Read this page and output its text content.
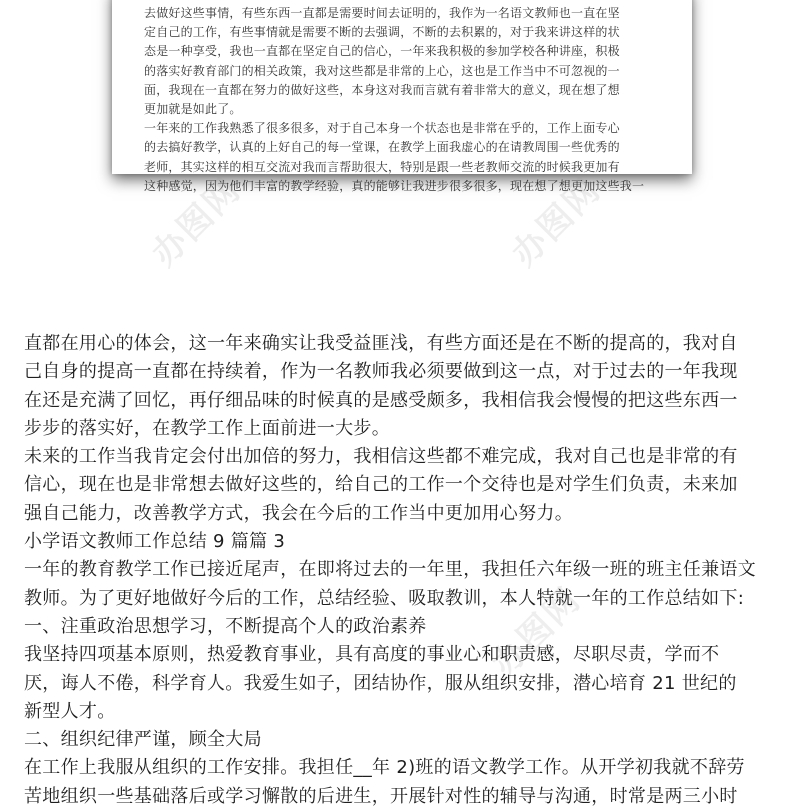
去做好这些事情，有些东西一直都是需要时间去证明的，我作为一名语文教师也一直在坚

定自己的工作，有些事情就是需要不断的去强调，不断的去积累的，对于我来讲这样的状

态是一种享受，我也一直都在坚定自己的信心，一年来我积极的参加学校各种讲座，积极

的落实好教育部门的相关政策，我对这些都是非常的上心，这也是工作当中不可忽视的一

面，我现在一直都在努力的做好这些，本身这对我而言就有着非常大的意义，现在想了想

更加就是如此了。

一年来的工作我熟悉了很多很多，对于自己本身一个状态也是非常在乎的，工作上面专心

的去搞好教学，认真的上好自己的每一堂课，在教学上面我虚心的在请教周围一些优秀的

老师，其实这样的相互交流对我而言帮助很大，特别是跟一些老教师交流的时候我更加有

这种感觉，因为他们丰富的教学经验，真的能够让我进步很多很多，现在想了想更加这些我一

办图网	办图网
办图网

直都在用心的体会，这一年来确实让我受益匪浅，有些方面还是在不断的提高的，我对自

己自身的提高一直都在持续着，作为一名教师我必须要做到这一点，对于过去的一年我现

在还是充满了回忆，再仔细品味的时候真的是感受颇多，我相信我会慢慢的把这些东西一

步步的落实好，在教学工作上面前进一大步。

未来的工作当我肯定会付出加倍的努力，我相信这些都不难完成，我对自己也是非常的有

信心，现在也是非常想去做好这些的，给自己的工作一个交待也是对学生们负责，未来加

强自己能力，改善教学方式，我会在今后的工作当中更加用心努力。

小学语文教师工作总结 9 篇篇 3

一年的教育教学工作已接近尾声，在即将过去的一年里，我担任六年级一班的班主任兼语文

教师。为了更好地做好今后的工作，总结经验、吸取教训，本人特就一年的工作总结如下:

一、注重政治思想学习，不断提高个人的政治素养

我坚持四项基本原则，热爱教育事业，具有高度的事业心和职责感，尽职尽责，学而不

厌，诲人不倦，科学育人。我爱生如子，团结协作，服从组织安排，潜心培育 21 世纪的

新型人才。

二、组织纪律严谨，顾全大局

在工作上我服从组织的工作安排。我担任__年 2)班的语文教学工作。从开学初我就不辞劳

苦地组织一些基础落后或学习懈散的后进生，开展针对性的辅导与沟通，时常是两三小时
